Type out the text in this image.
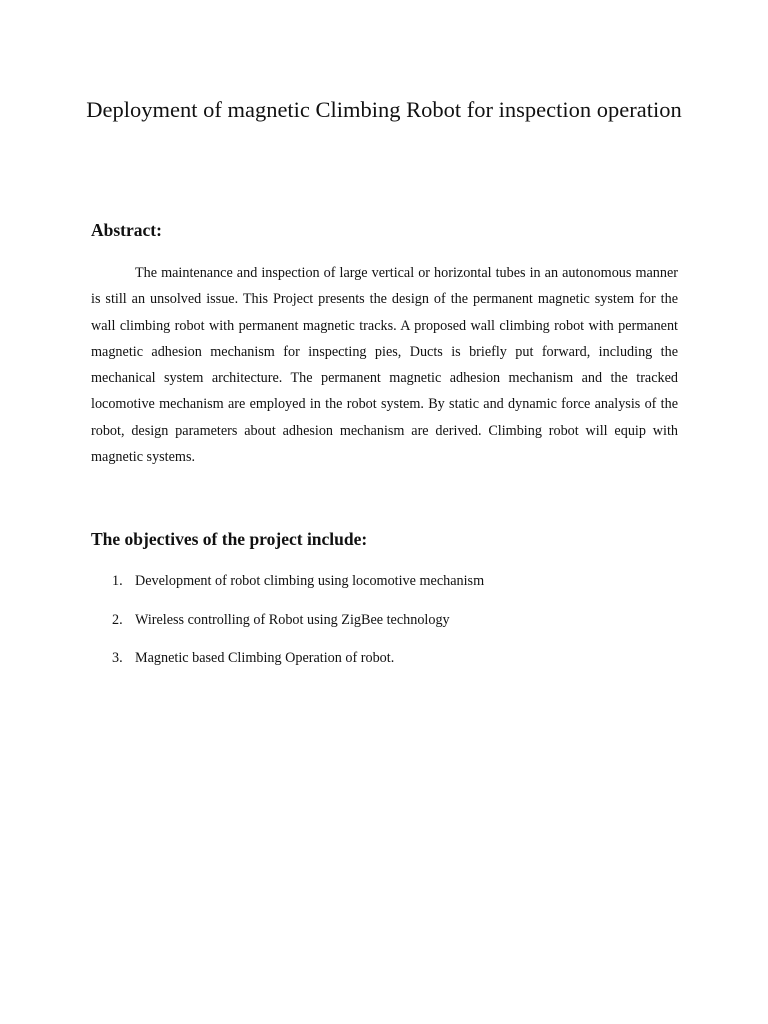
Deployment of magnetic Climbing Robot for inspection operation
Abstract:

The maintenance and inspection of large vertical or horizontal tubes in an autonomous manner is still an unsolved issue. This Project presents the design of the permanent magnetic system for the wall climbing robot with permanent magnetic tracks. A proposed wall climbing robot with permanent magnetic adhesion mechanism for inspecting pies, Ducts is briefly put forward, including the mechanical system architecture. The permanent magnetic adhesion mechanism and the tracked locomotive mechanism are employed in the robot system. By static and dynamic force analysis of the robot, design parameters about adhesion mechanism are derived. Climbing robot will equip with magnetic systems.

The objectives of the project include:
1. Development of robot climbing using locomotive mechanism
2. Wireless controlling of Robot using ZigBee technology
3. Magnetic based Climbing Operation of robot.
